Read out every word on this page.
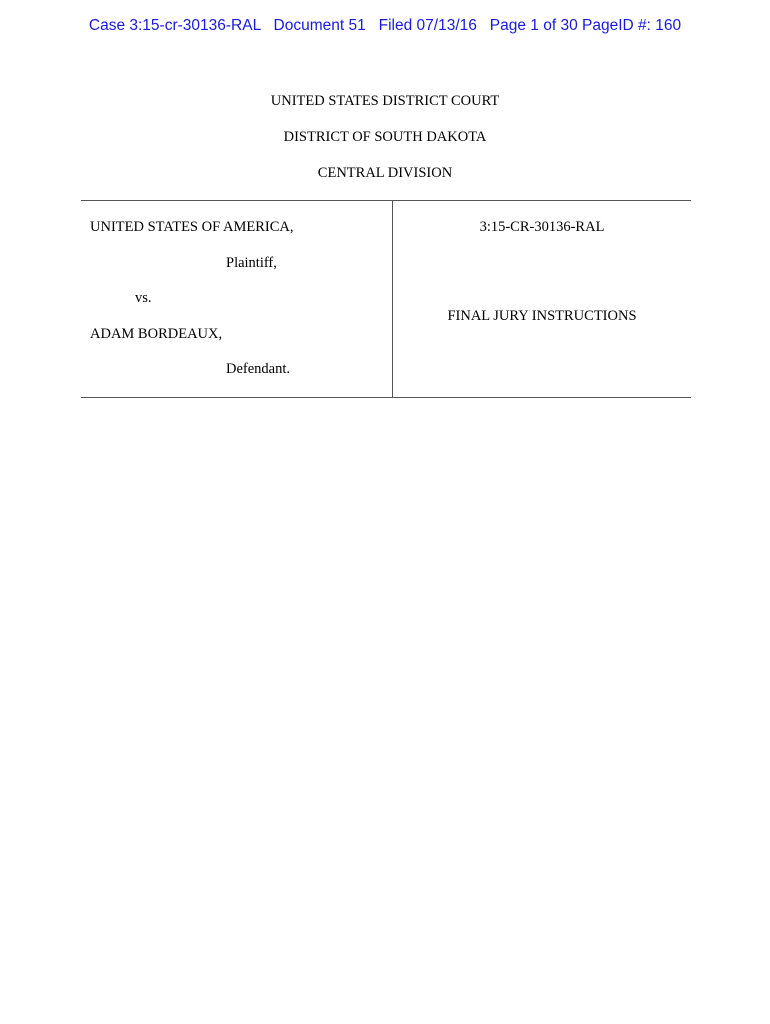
Case 3:15-cr-30136-RAL   Document 51   Filed 07/13/16   Page 1 of 30 PageID #: 160
UNITED STATES DISTRICT COURT
DISTRICT OF SOUTH DAKOTA
CENTRAL DIVISION
UNITED STATES OF AMERICA,
Plaintiff,
vs.
ADAM BORDEAUX,
Defendant.
3:15-CR-30136-RAL
FINAL JURY INSTRUCTIONS
